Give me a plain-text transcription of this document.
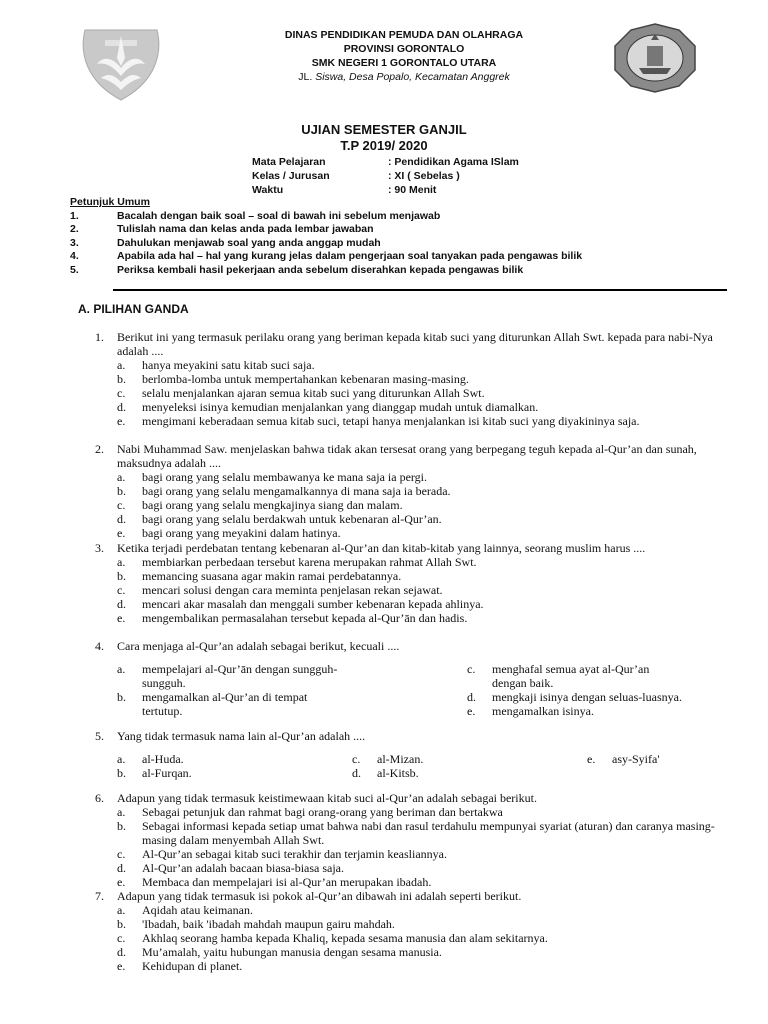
DINAS PENDIDIKAN PEMUDA DAN OLAHRAGA
PROVINSI GORONTALO
SMK NEGERI 1 GORONTALO UTARA
JL. Siswa, Desa Popalo, Kecamatan Anggrek
UJIAN SEMESTER GANJIL
T.P 2019/ 2020
Mata Pelajaran	: Pendidikan Agama ISlam
Kelas / Jurusan	: XI ( Sebelas )
Waktu	: 90 Menit
Petunjuk Umum
1.	Bacalah dengan baik soal – soal di bawah ini sebelum menjawab
2.	Tulislah nama dan kelas anda pada lembar jawaban
3.	Dahulukan menjawab soal yang anda anggap mudah
4.	Apabila ada hal – hal yang kurang jelas dalam pengerjaan soal tanyakan pada pengawas bilik
5.	Periksa kembali hasil pekerjaan anda sebelum diserahkan kepada pengawas bilik
A. PILIHAN GANDA
1.	Berikut ini yang termasuk perilaku orang yang beriman kepada kitab suci yang diturunkan Allah Swt. kepada para nabi-Nya adalah ....
a.	hanya meyakini satu kitab suci saja.
b.	berlomba-lomba untuk mempertahankan kebenaran masing-masing.
c.	selalu menjalankan ajaran semua kitab suci yang diturunkan Allah Swt.
d.	menyeleksi isinya kemudian menjalankan yang dianggap mudah untuk diamalkan.
e.	mengimani keberadaan semua kitab suci, tetapi hanya menjalankan isi kitab suci yang diyakininya saja.
2.	Nabi Muhammad Saw. menjelaskan bahwa tidak akan tersesat orang yang berpegang teguh kepada al-Qur’an dan sunah, maksudnya adalah ....
a.	bagi orang yang selalu membawanya ke mana saja ia pergi.
b.	bagi orang yang selalu mengamalkannya di mana saja ia berada.
c.	bagi orang yang selalu mengkajinya siang dan malam.
d.	bagi orang yang selalu berdakwah untuk kebenaran al-Qur’an.
e.	bagi orang yang meyakini dalam hatinya.
3.	Ketika terjadi perdebatan tentang kebenaran al-Qur’an dan kitab-kitab yang lainnya, seorang muslim harus ....
a.	membiarkan perbedaan tersebut karena merupakan rahmat Allah Swt.
b.	memancing suasana agar makin ramai perdebatannya.
c.	mencari solusi dengan cara meminta penjelasan rekan sejawat.
d.	mencari akar masalah dan menggali sumber kebenaran kepada ahlinya.
e.	mengembalikan permasalahan tersebut kepada al-Qur’ān dan hadis.
4.	Cara menjaga al-Qur’an adalah sebagai berikut, kecuali ....
a.	mempelajari al-Qur’ān dengan sungguh-sungguh.
b.	mengamalkan al-Qur’an di tempat tertutup.
c.	menghafal semua ayat al-Qur’an dengan baik.
d.	mengkaji isinya dengan seluas-luasnya.
e.	mengamalkan isinya.
5.	Yang tidak termasuk nama lain al-Qur’an adalah ....
a.	al-Huda.
b.	al-Furqan.
c.	al-Mizan.
d.	al-Kitsb.
e.	asy-Syifa'
6.	Adapun yang tidak termasuk keistimewaan kitab suci al-Qur’an adalah sebagai berikut.
a.	Sebagai petunjuk dan rahmat bagi orang-orang yang beriman dan bertakwa
b.	Sebagai informasi kepada setiap umat bahwa nabi dan rasul terdahulu mempunyai syariat (aturan) dan caranya masing-masing dalam menyembah Allah Swt.
c.	Al-Qur’an sebagai kitab suci terakhir dan terjamin keasliannya.
d.	Al-Qur’an adalah bacaan biasa-biasa saja.
e.	Membaca dan mempelajari isi al-Qur’an merupakan ibadah.
7.	Adapun yang tidak termasuk isi pokok al-Qur’an dibawah ini adalah seperti berikut.
a.	Aqidah atau keimanan.
b.	'Ibadah, baik 'ibadah mahdah maupun gairu mahdah.
c.	Akhlaq seorang hamba kepada Khaliq, kepada sesama manusia dan alam sekitarnya.
d.	Mu’amalah, yaitu hubungan manusia dengan sesama manusia.
e.	Kehidupan di planet.
